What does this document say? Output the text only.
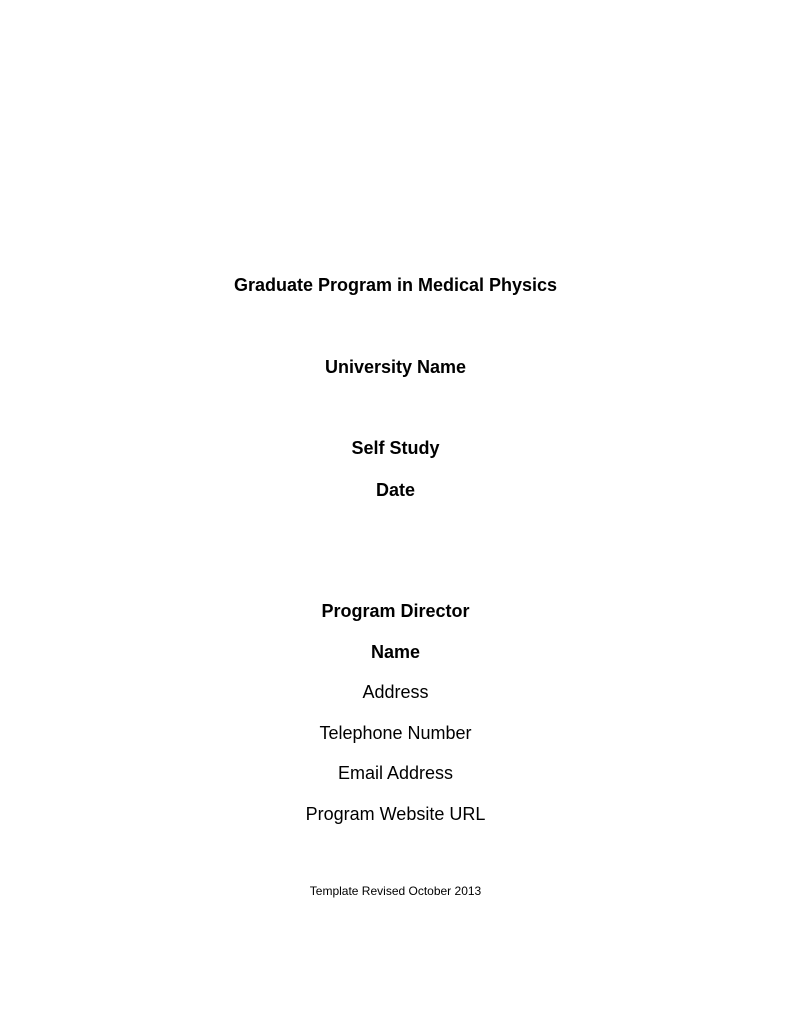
Graduate Program in Medical Physics
University Name
Self Study
Date
Program Director
Name
Address
Telephone Number
Email Address
Program Website URL
Template Revised October 2013
